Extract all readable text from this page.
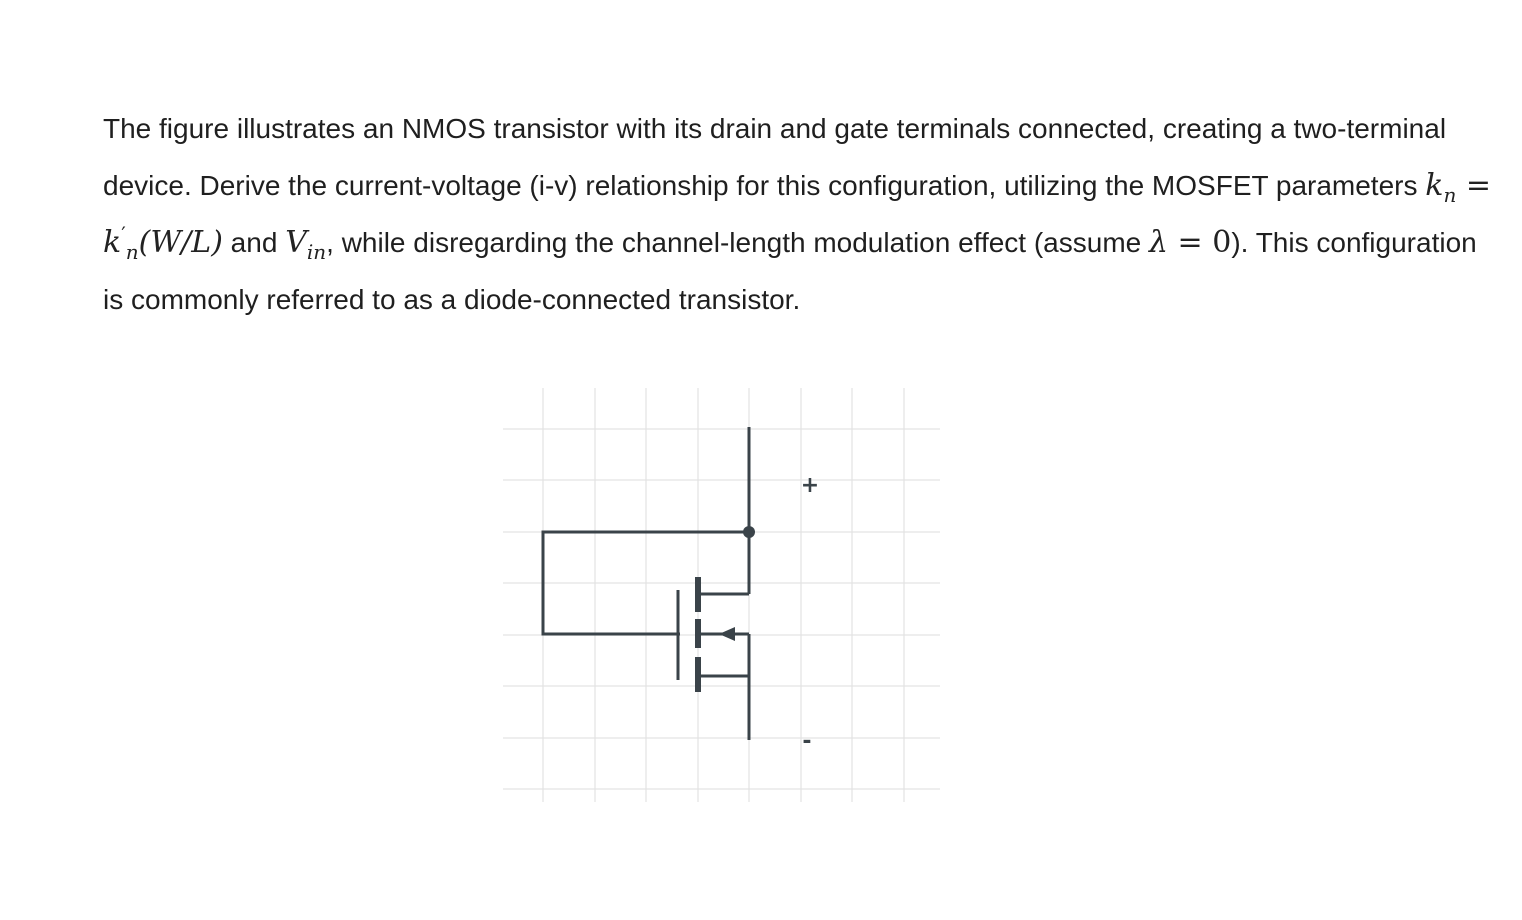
The figure illustrates an NMOS transistor with its drain and gate terminals connected, creating a two-terminal device. Derive the current-voltage (i-v) relationship for this configuration, utilizing the MOSFET parameters $k_n = k'_n(W/L)$ and $V_{in}$, while disregarding the channel-length modulation effect (assume λ = 0). This configuration is commonly referred to as a diode-connected transistor.

+
-
